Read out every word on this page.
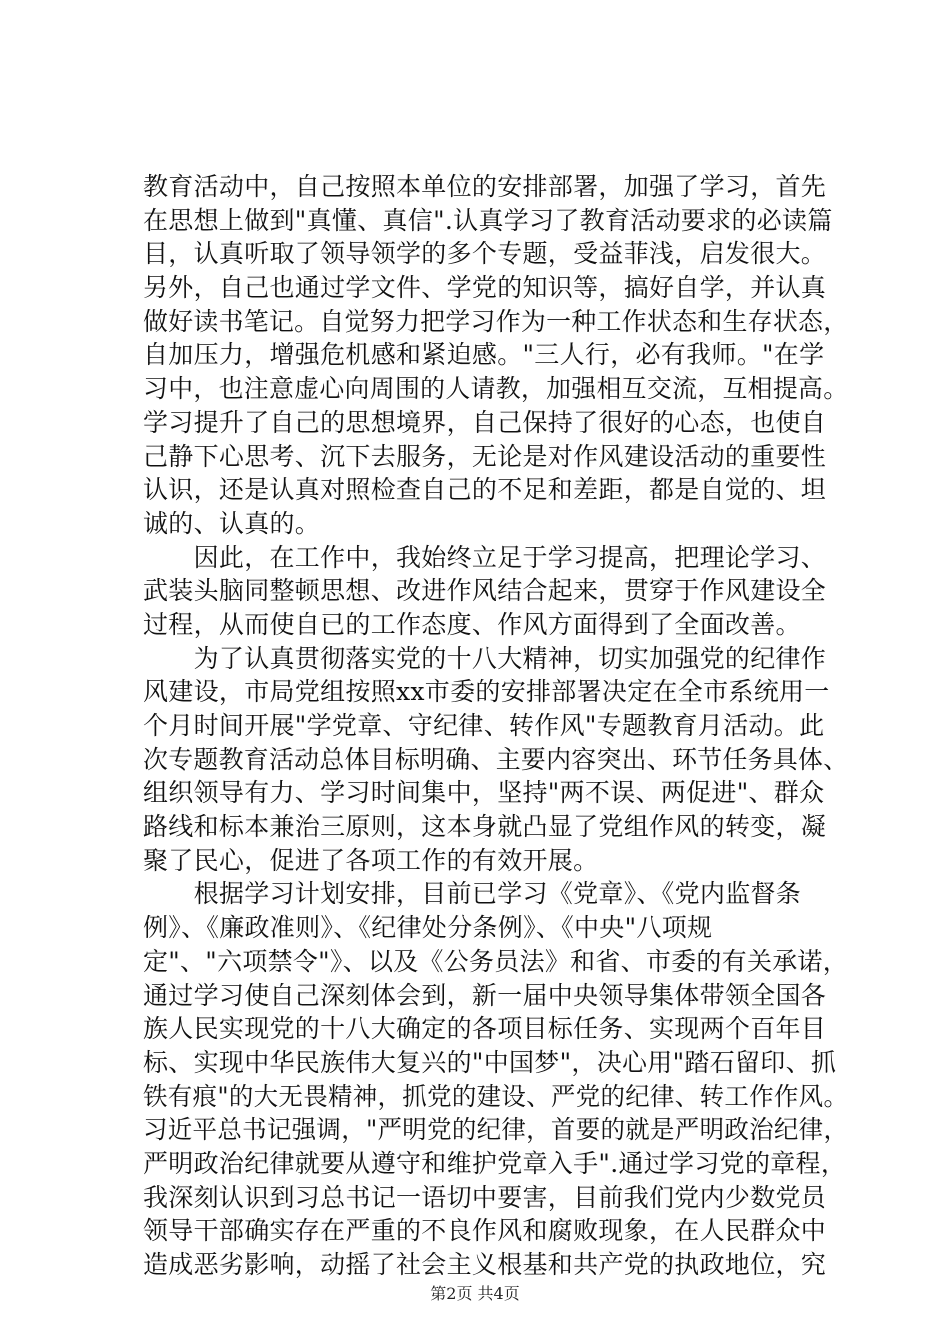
教育活动中，自己按照本单位的安排部署，加强了学习，首先
在思想上做到"真懂、真信".认真学习了教育活动要求的必读篇
目，认真听取了领导领学的多个专题，受益菲浅，启发很大。
另外，自己也通过学文件、学党的知识等，搞好自学，并认真
做好读书笔记。自觉努力把学习作为一种工作状态和生存状态，
自加压力，增强危机感和紧迫感。"三人行，必有我师。"在学
习中，也注意虚心向周围的人请教，加强相互交流，互相提高。
学习提升了自己的思想境界，自己保持了很好的心态，也使自
己静下心思考、沉下去服务，无论是对作风建设活动的重要性
认识，还是认真对照检查自己的不足和差距，都是自觉的、坦
诚的、认真的。
　　因此，在工作中，我始终立足于学习提高，把理论学习、
武装头脑同整顿思想、改进作风结合起来，贯穿于作风建设全
过程，从而使自已的工作态度、作风方面得到了全面改善。
　　为了认真贯彻落实党的十八大精神，切实加强党的纪律作
风建设，市局党组按照xx市委的安排部署决定在全市系统用一
个月时间开展"学党章、守纪律、转作风"专题教育月活动。此
次专题教育活动总体目标明确、主要内容突出、环节任务具体、
组织领导有力、学习时间集中，坚持"两不误、两促进"、群众
路线和标本兼治三原则，这本身就凸显了党组作风的转变，凝
聚了民心，促进了各项工作的有效开展。
　　根据学习计划安排，目前已学习《党章》、《党内监督条
例》、《廉政准则》、《纪律处分条例》、《中央"八项规
定"、"六项禁令"》、以及《公务员法》和省、市委的有关承诺，
通过学习使自己深刻体会到，新一届中央领导集体带领全国各
族人民实现党的十八大确定的各项目标任务、实现两个百年目
标、实现中华民族伟大复兴的"中国梦"，决心用"踏石留印、抓
铁有痕"的大无畏精神，抓党的建设、严党的纪律、转工作作风。
习近平总书记强调，"严明党的纪律，首要的就是严明政治纪律，
严明政治纪律就要从遵守和维护党章入手".通过学习党的章程，
我深刻认识到习总书记一语切中要害，目前我们党内少数党员
领导干部确实存在严重的不良作风和腐败现象，在人民群众中
造成恶劣影响，动摇了社会主义根基和共产党的执政地位，究
第2页 共4页
